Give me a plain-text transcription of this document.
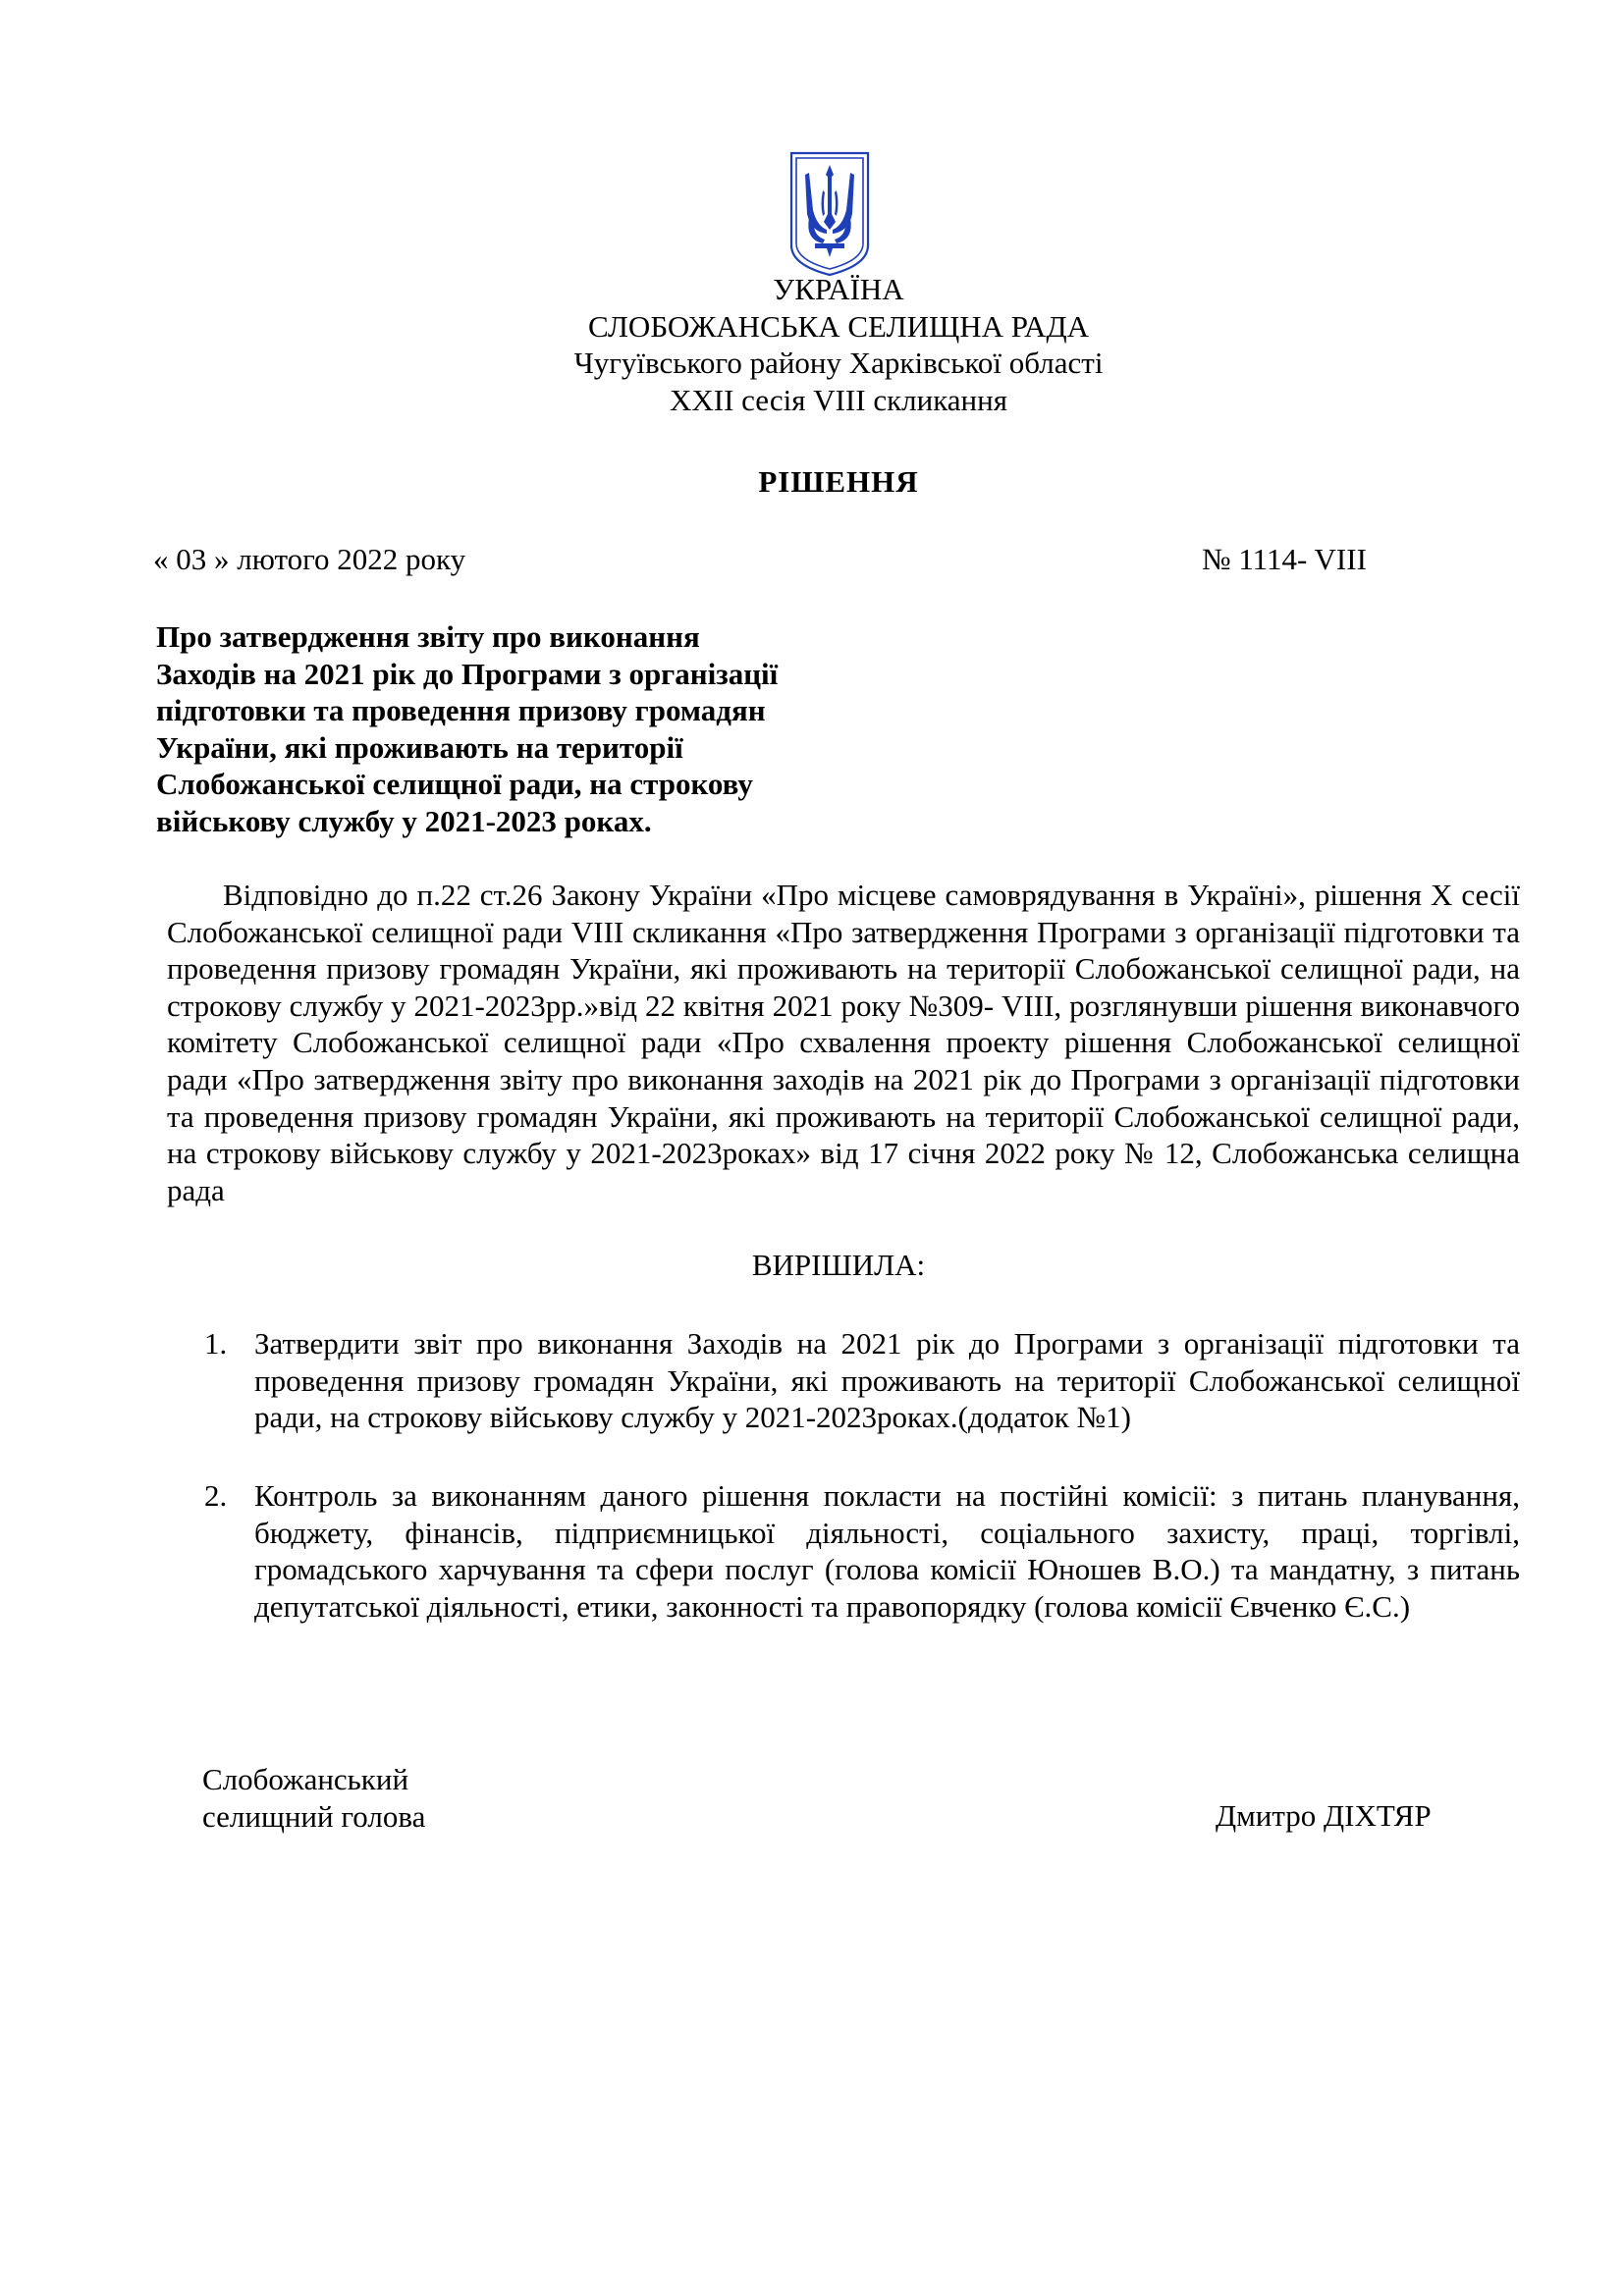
УКРАЇНА
СЛОБОЖАНСЬКА СЕЛИЩНА РАДА
Чугуївського району Харківської області
XXII сесія VIII скликання
РІШЕННЯ
« 03 » лютого 2022 року	№ 1114- VIII
Про затвердження звіту про виконання
Заходів на 2021 рік до Програми з організації
підготовки та проведення призову громадян
України, які проживають на території
Слобожанської селищної ради, на строкову
військову службу у 2021-2023 роках.
Відповідно до п.22 ст.26 Закону України «Про місцеве самоврядування в Україні», рішення Х сесії Слобожанської селищної ради VIII скликання «Про затвердження Програми з організації підготовки та проведення призову громадян України, які проживають на території Слобожанської селищної ради, на строкову службу у 2021-2023рр.»від 22 квітня 2021 року №309- VIII, розглянувши рішення виконавчого комітету Слобожанської селищної ради «Про схвалення проекту рішення Слобожанської селищної ради «Про затвердження звіту про виконання заходів на 2021 рік до Програми з організації підготовки та проведення призову громадян України, які проживають на території Слобожанської селищної ради, на строкову військову службу у 2021-2023роках» від 17 січня 2022 року № 12, Слобожанська селищна рада
ВИРІШИЛА:
1. Затвердити звіт про виконання Заходів на 2021 рік до Програми з організації підготовки та проведення призову громадян України, які проживають на території Слобожанської селищної ради, на строкову військову службу у 2021-2023роках.(додаток №1)
2. Контроль за виконанням даного рішення покласти на постійні комісії: з питань планування, бюджету, фінансів, підприємницької діяльності, соціального захисту, праці, торгівлі, громадського харчування та сфери послуг (голова комісії Юношев В.О.) та мандатну, з питань депутатської діяльності, етики, законності та правопорядку (голова комісії Євченко Є.С.)
Слобожанський
селищний голова	Дмитро ДІХТЯР
